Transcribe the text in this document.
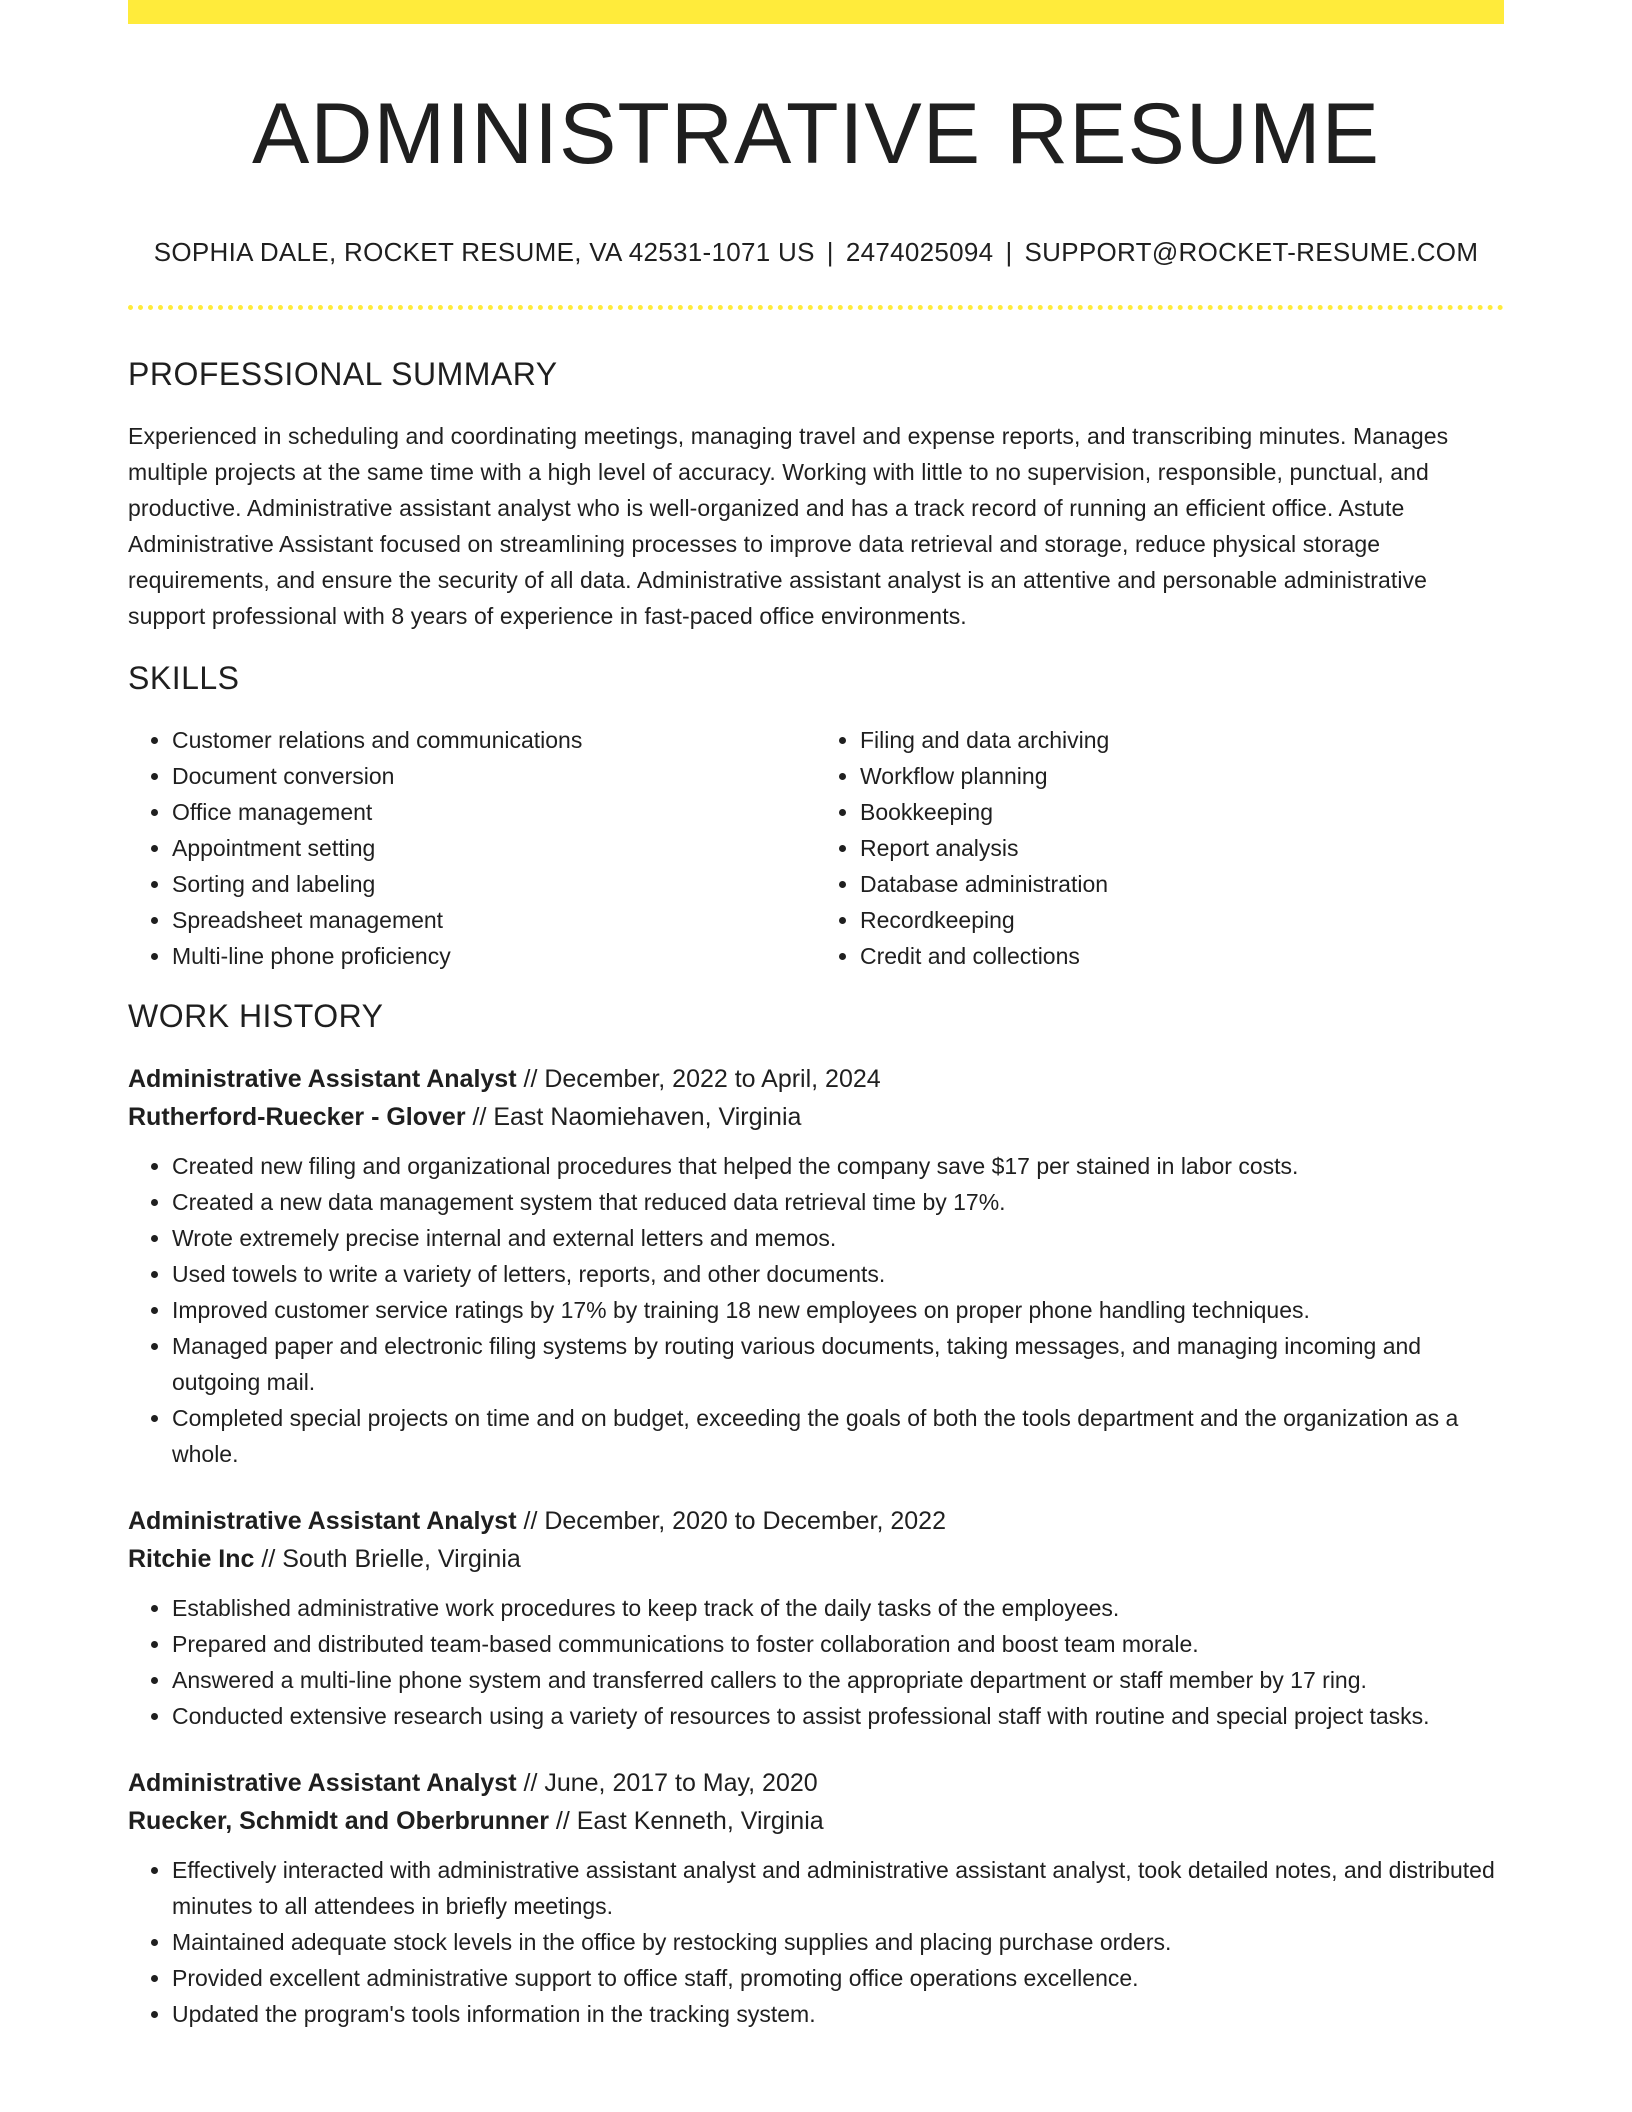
ADMINISTRATIVE RESUME
SOPHIA DALE, ROCKET RESUME, VA 42531-1071 US | 2474025094 | SUPPORT@ROCKET-RESUME.COM
PROFESSIONAL SUMMARY

Experienced in scheduling and coordinating meetings, managing travel and expense reports, and transcribing minutes. Manages multiple projects at the same time with a high level of accuracy. Working with little to no supervision, responsible, punctual, and productive. Administrative assistant analyst who is well-organized and has a track record of running an efficient office. Astute Administrative Assistant focused on streamlining processes to improve data retrieval and storage, reduce physical storage requirements, and ensure the security of all data. Administrative assistant analyst is an attentive and personable administrative support professional with 8 years of experience in fast-paced office environments.

SKILLS
• Customer relations and communications
• Document conversion
• Office management
• Appointment setting
• Sorting and labeling
• Spreadsheet management
• Multi-line phone proficiency
• Filing and data archiving
• Workflow planning
• Bookkeeping
• Report analysis
• Database administration
• Recordkeeping
• Credit and collections
WORK HISTORY
Administrative Assistant Analyst // December, 2022 to April, 2024
Rutherford-Ruecker - Glover // East Naomiehaven, Virginia
• Created new filing and organizational procedures that helped the company save $17 per stained in labor costs.
• Created a new data management system that reduced data retrieval time by 17%.
• Wrote extremely precise internal and external letters and memos.
• Used towels to write a variety of letters, reports, and other documents.
• Improved customer service ratings by 17% by training 18 new employees on proper phone handling techniques.
• Managed paper and electronic filing systems by routing various documents, taking messages, and managing incoming and outgoing mail.
• Completed special projects on time and on budget, exceeding the goals of both the tools department and the organization as a whole.
Administrative Assistant Analyst // December, 2020 to December, 2022
Ritchie Inc // South Brielle, Virginia
• Established administrative work procedures to keep track of the daily tasks of the employees.
• Prepared and distributed team-based communications to foster collaboration and boost team morale.
• Answered a multi-line phone system and transferred callers to the appropriate department or staff member by 17 ring.
• Conducted extensive research using a variety of resources to assist professional staff with routine and special project tasks.
Administrative Assistant Analyst // June, 2017 to May, 2020
Ruecker, Schmidt and Oberbrunner // East Kenneth, Virginia
• Effectively interacted with administrative assistant analyst and administrative assistant analyst, took detailed notes, and distributed minutes to all attendees in briefly meetings.
• Maintained adequate stock levels in the office by restocking supplies and placing purchase orders.
• Provided excellent administrative support to office staff, promoting office operations excellence.
• Updated the program's tools information in the tracking system.
